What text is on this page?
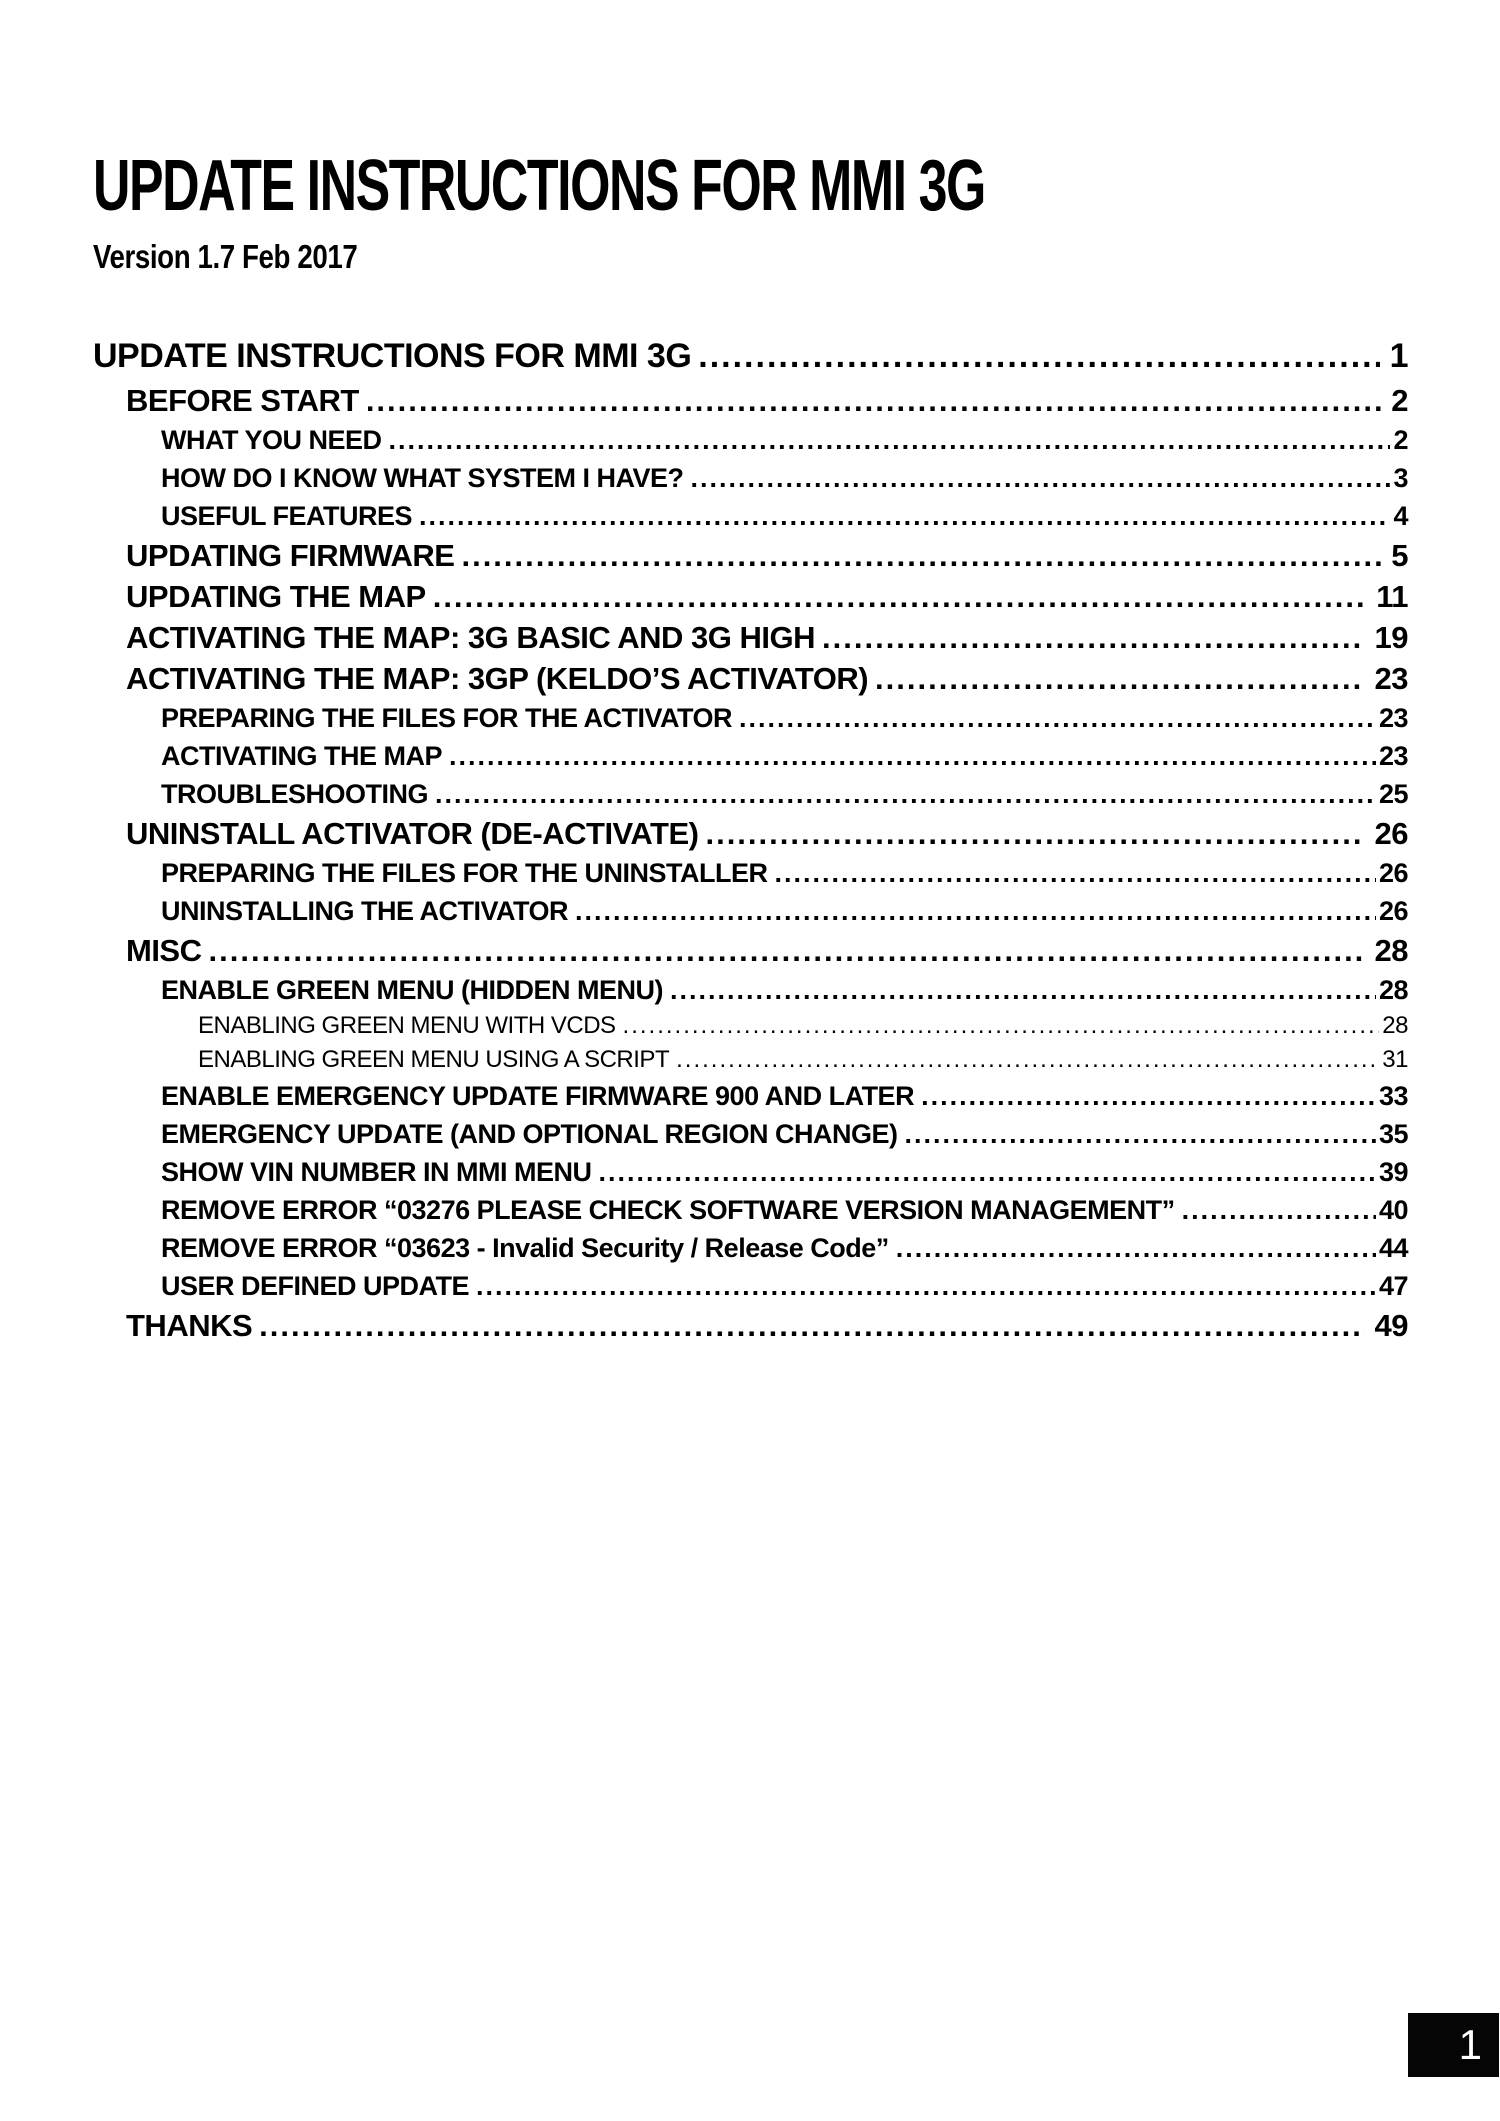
UPDATE INSTRUCTIONS FOR MMI 3G
Version 1.7 Feb 2017
UPDATE INSTRUCTIONS FOR MMI 3G .....	1
BEFORE START .....	2
WHAT YOU NEED .....	2
HOW DO I KNOW WHAT SYSTEM I HAVE? .....	3
USEFUL FEATURES .....	4
UPDATING FIRMWARE .....	5
UPDATING THE MAP .....	11
ACTIVATING THE MAP: 3G BASIC AND 3G HIGH .....	19
ACTIVATING THE MAP: 3GP (KELDO’S ACTIVATOR) .....	23
PREPARING THE FILES FOR THE ACTIVATOR .....	23
ACTIVATING THE MAP .....	23
TROUBLESHOOTING .....	25
UNINSTALL ACTIVATOR (DE-ACTIVATE) .....	26
PREPARING THE FILES FOR THE UNINSTALLER .....	26
UNINSTALLING THE ACTIVATOR .....	26
MISC .....	28
ENABLE GREEN MENU (HIDDEN MENU) .....	28
ENABLING GREEN MENU WITH VCDS .....	28
ENABLING GREEN MENU USING A SCRIPT .....	31
ENABLE EMERGENCY UPDATE FIRMWARE 900 AND LATER .....	33
EMERGENCY UPDATE (AND OPTIONAL REGION CHANGE) .....	35
SHOW VIN NUMBER IN MMI MENU .....	39
REMOVE ERROR “03276 PLEASE CHECK SOFTWARE VERSION MANAGEMENT” .....	40
REMOVE ERROR “03623 - Invalid Security / Release Code” .....	44
USER DEFINED UPDATE .....	47
THANKS .....	49
1
